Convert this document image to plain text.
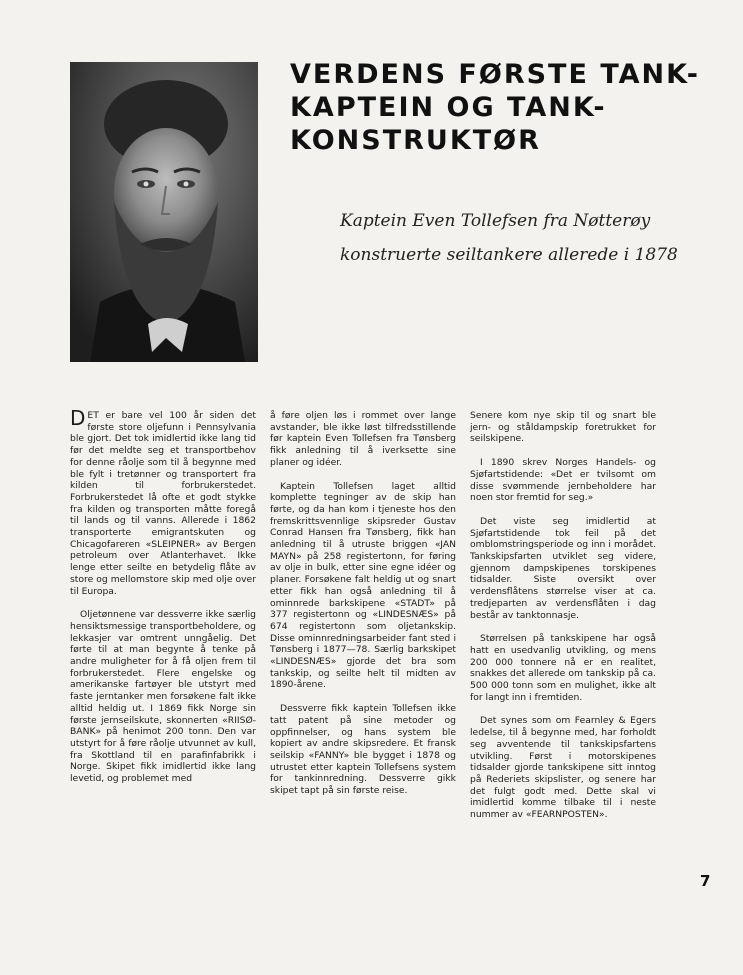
VERDENS FØRSTE TANK-
KAPTEIN OG TANK-
KONSTRUKTØR
Kaptein Even Tollefsen fra Nøtterøy
konstruerte seiltankere allerede i 1878

DET er bare vel 100 år siden det første store oljefunn i Pennsylvania ble gjort. Det tok imidlertid ikke lang tid før det meldte seg et transportbehov for denne råolje som til å begynne med ble fylt i tretønner og transportert fra kilden til forbrukerstedet. Forbrukerstedet lå ofte et godt stykke fra kilden og transporten måtte foregå til lands og til vanns. Allerede i 1862 transporterte emigrantskuten og Chicagofareren «SLEIPNER» av Bergen petroleum over Atlanterhavet. Ikke lenge etter seilte en betydelig flåte av store og mellomstore skip med olje over til Europa.

Oljetønnene var dessverre ikke særlig hensiktsmessige transportbeholdere, og lekkasjer var omtrent unngåelig. Det førte til at man begynte å tenke på andre muligheter for å få oljen frem til forbrukerstedet. Flere engelske og amerikanske fartøyer ble utstyrt med faste jerntanker men forsøkene falt ikke alltid heldig ut. I 1869 fikk Norge sin første jernseilskute, skonnerten «RIISØ-BANK» på henimot 200 tonn. Den var utstyrt for å føre råolje utvunnet av kull, fra Skottland til en parafinfabrikk i Norge. Skipet fikk imidlertid ikke lang levetid, og problemet med

å føre oljen løs i rommet over lange avstander, ble ikke løst tilfredsstillende før kaptein Even Tollefsen fra Tønsberg fikk anledning til å iverksette sine planer og idéer.

Kaptein Tollefsen laget alltid komplette tegninger av de skip han førte, og da han kom i tjeneste hos den fremskrittsvennlige skipsreder Gustav Conrad Hansen fra Tønsberg, fikk han anledning til å utruste briggen «JAN MAYN» på 258 registertonn, for føring av olje in bulk, etter sine egne idéer og planer. Forsøkene falt heldig ut og snart etter fikk han også anledning til å ominnrede barkskipene «STADT» på 377 registertonn og «LINDESNÆS» på 674 registertonn som oljetankskip. Disse ominnredningsarbeider fant sted i Tønsberg i 1877—78. Særlig barkskipet «LINDESNÆS» gjorde det bra som tankskip, og seilte helt til midten av 1890-årene.

Dessverre fikk kaptein Tollefsen ikke tatt patent på sine metoder og oppfinnelser, og hans system ble kopiert av andre skipsredere. Et fransk seilskip «FANNY» ble bygget i 1878 og utrustet etter kaptein Tollefsens system for tankinnredning. Dessverre gikk skipet tapt på sin første reise.

Senere kom nye skip til og snart ble jern- og ståldampskip foretrukket for seilskipene.

I 1890 skrev Norges Handels- og Sjøfartstidende: «Det er tvilsomt om disse svømmende jernbeholdere har noen stor fremtid for seg.»

Det viste seg imidlertid at Sjøfartstidende tok feil på det omblomstringsperiode og inn i morådet. Tankskipsfarten utviklet seg videre, gjennom dampskipenes torskipenes tidsalder. Siste oversikt over verdensflåtens størrelse viser at ca. tredjeparten av verdensflåten i dag består av tanktonnasje.

Størrelsen på tankskipene har også hatt en usedvanlig utvikling, og mens 200 000 tonnere nå er en realitet, snakkes det allerede om tankskip på ca. 500 000 tonn som en mulighet, ikke alt for langt inn i fremtiden.

Det synes som om Fearnley & Egers ledelse, til å begynne med, har forholdt seg avventende til tankskipsfartens utvikling. Først i motorskipenes tidsalder gjorde tankskipene sitt inntog på Rederiets skipslister, og senere har det fulgt godt med. Dette skal vi imidlertid komme tilbake til i neste nummer av «FEARNPOSTEN».

7
